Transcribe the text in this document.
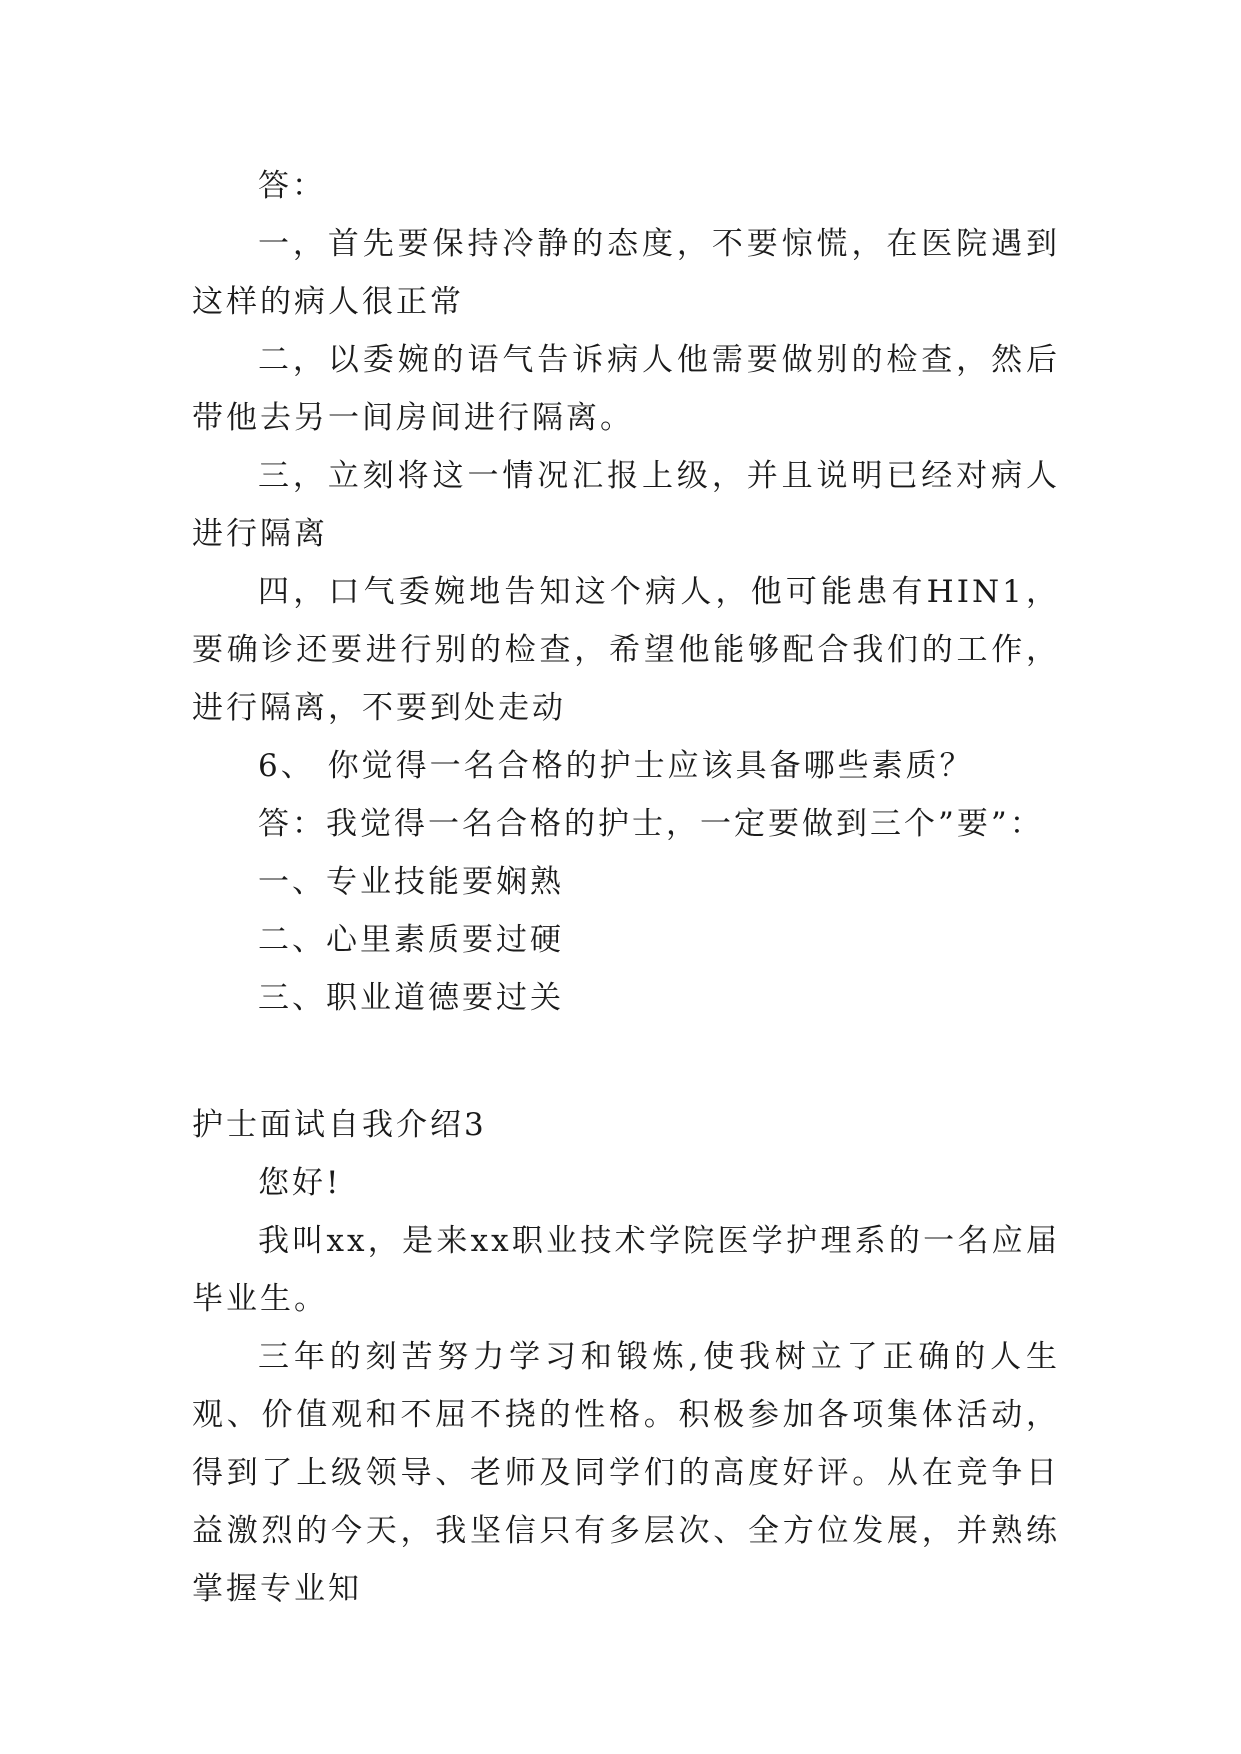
答：

一，首先要保持冷静的态度，不要惊慌，在医院遇到这样的病人很正常

二，以委婉的语气告诉病人他需要做别的检查，然后带他去另一间房间进行隔离。

三，立刻将这一情况汇报上级，并且说明已经对病人进行隔离

四，口气委婉地告知这个病人，他可能患有HIN1，要确诊还要进行别的检查，希望他能够配合我们的工作，进行隔离，不要到处走动

6、 你觉得一名合格的护士应该具备哪些素质？

答：我觉得一名合格的护士，一定要做到三个”要”：

一、专业技能要娴熟

二、心里素质要过硬

三、职业道德要过关

护士面试自我介绍3

您好!

我叫xx，是来xx职业技术学院医学护理系的一名应届毕业生。

三年的刻苦努力学习和锻炼,使我树立了正确的人生观、价值观和不屈不挠的性格。积极参加各项集体活动，得到了上级领导、老师及同学们的高度好评。从在竞争日益激烈的今天，我坚信只有多层次、全方位发展，并熟练掌握专业知
